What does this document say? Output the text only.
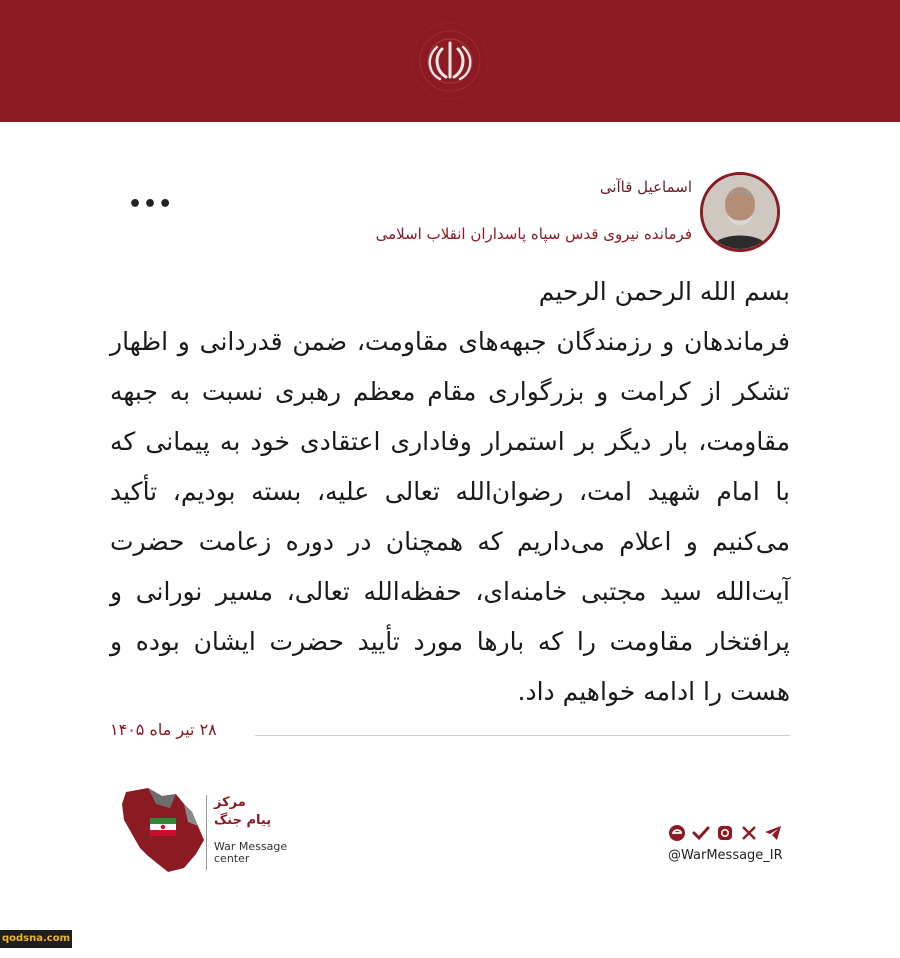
اسماعیل قاآنی
فرمانده نیروی قدس سپاه پاسداران انقلاب اسلامی
•••

بسم الله الرحمن الرحیم

فرماندهان و رزمندگان جبهه‌های مقاومت، ضمن قدردانی و اظهار تشکر از کرامت و بزرگواری مقام معظم رهبری نسبت به جبهه مقاومت، بار دیگر بر استمرار وفاداری اعتقادی خود به پیمانی که با امام شهید امت، رضوان‌الله تعالی علیه، بسته بودیم، تأکید می‌کنیم و اعلام می‌داریم که همچنان در دوره زعامت حضرت آیت‌الله سید مجتبی خامنه‌ای، حفظه‌الله تعالی، مسیر نورانی و پرافتخار مقاومت را که بارها مورد تأیید حضرت ایشان بوده و هست را ادامه خواهیم داد.

۲۸ تیر ماه ۱۴۰۵
مرکز
پیام جنگ
War Message
center	@WarMessage_IR
qodsna.com
